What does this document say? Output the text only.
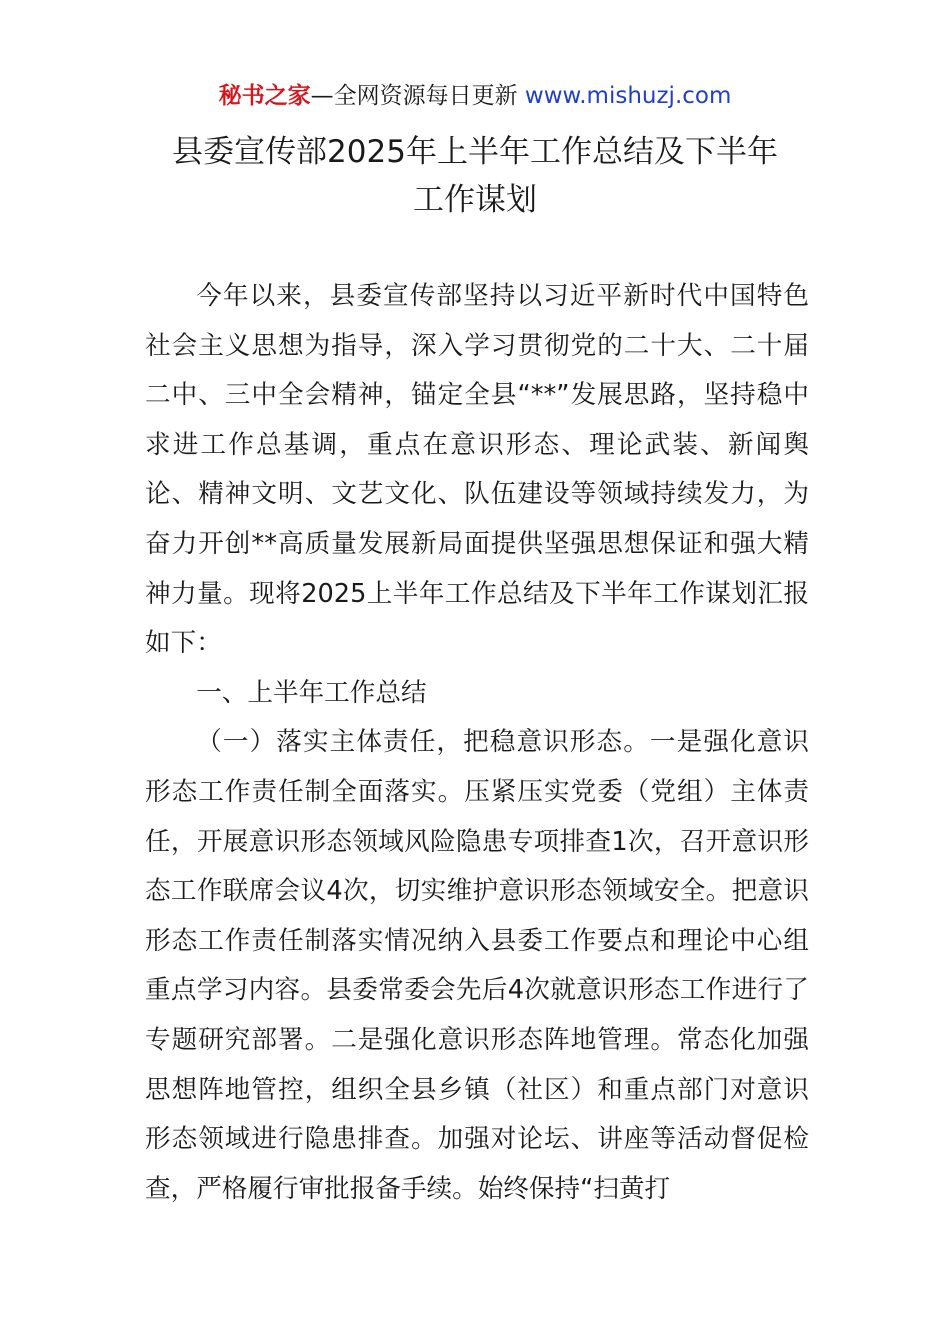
秘书之家—全网资源每日更新 www.mishuzj.com
县委宣传部2025年上半年工作总结及下半年
工作谋划

今年以来，县委宣传部坚持以习近平新时代中国特色社会主义思想为指导，深入学习贯彻党的二十大、二十届二中、三中全会精神，锚定全县“**”发展思路，坚持稳中求进工作总基调，重点在意识形态、理论武装、新闻舆论、精神文明、文艺文化、队伍建设等领域持续发力，为奋力开创**高质量发展新局面提供坚强思想保证和强大精神力量。现将2025上半年工作总结及下半年工作谋划汇报如下：

一、上半年工作总结

（一）落实主体责任，把稳意识形态。一是强化意识形态工作责任制全面落实。压紧压实党委（党组）主体责任，开展意识形态领域风险隐患专项排查1次，召开意识形态工作联席会议4次，切实维护意识形态领域安全。把意识形态工作责任制落实情况纳入县委工作要点和理论中心组重点学习内容。县委常委会先后4次就意识形态工作进行了专题研究部署。二是强化意识形态阵地管理。常态化加强思想阵地管控，组织全县乡镇（社区）和重点部门对意识形态领域进行隐患排查。加强对论坛、讲座等活动督促检查，严格履行审批报备手续。始终保持“扫黄打
